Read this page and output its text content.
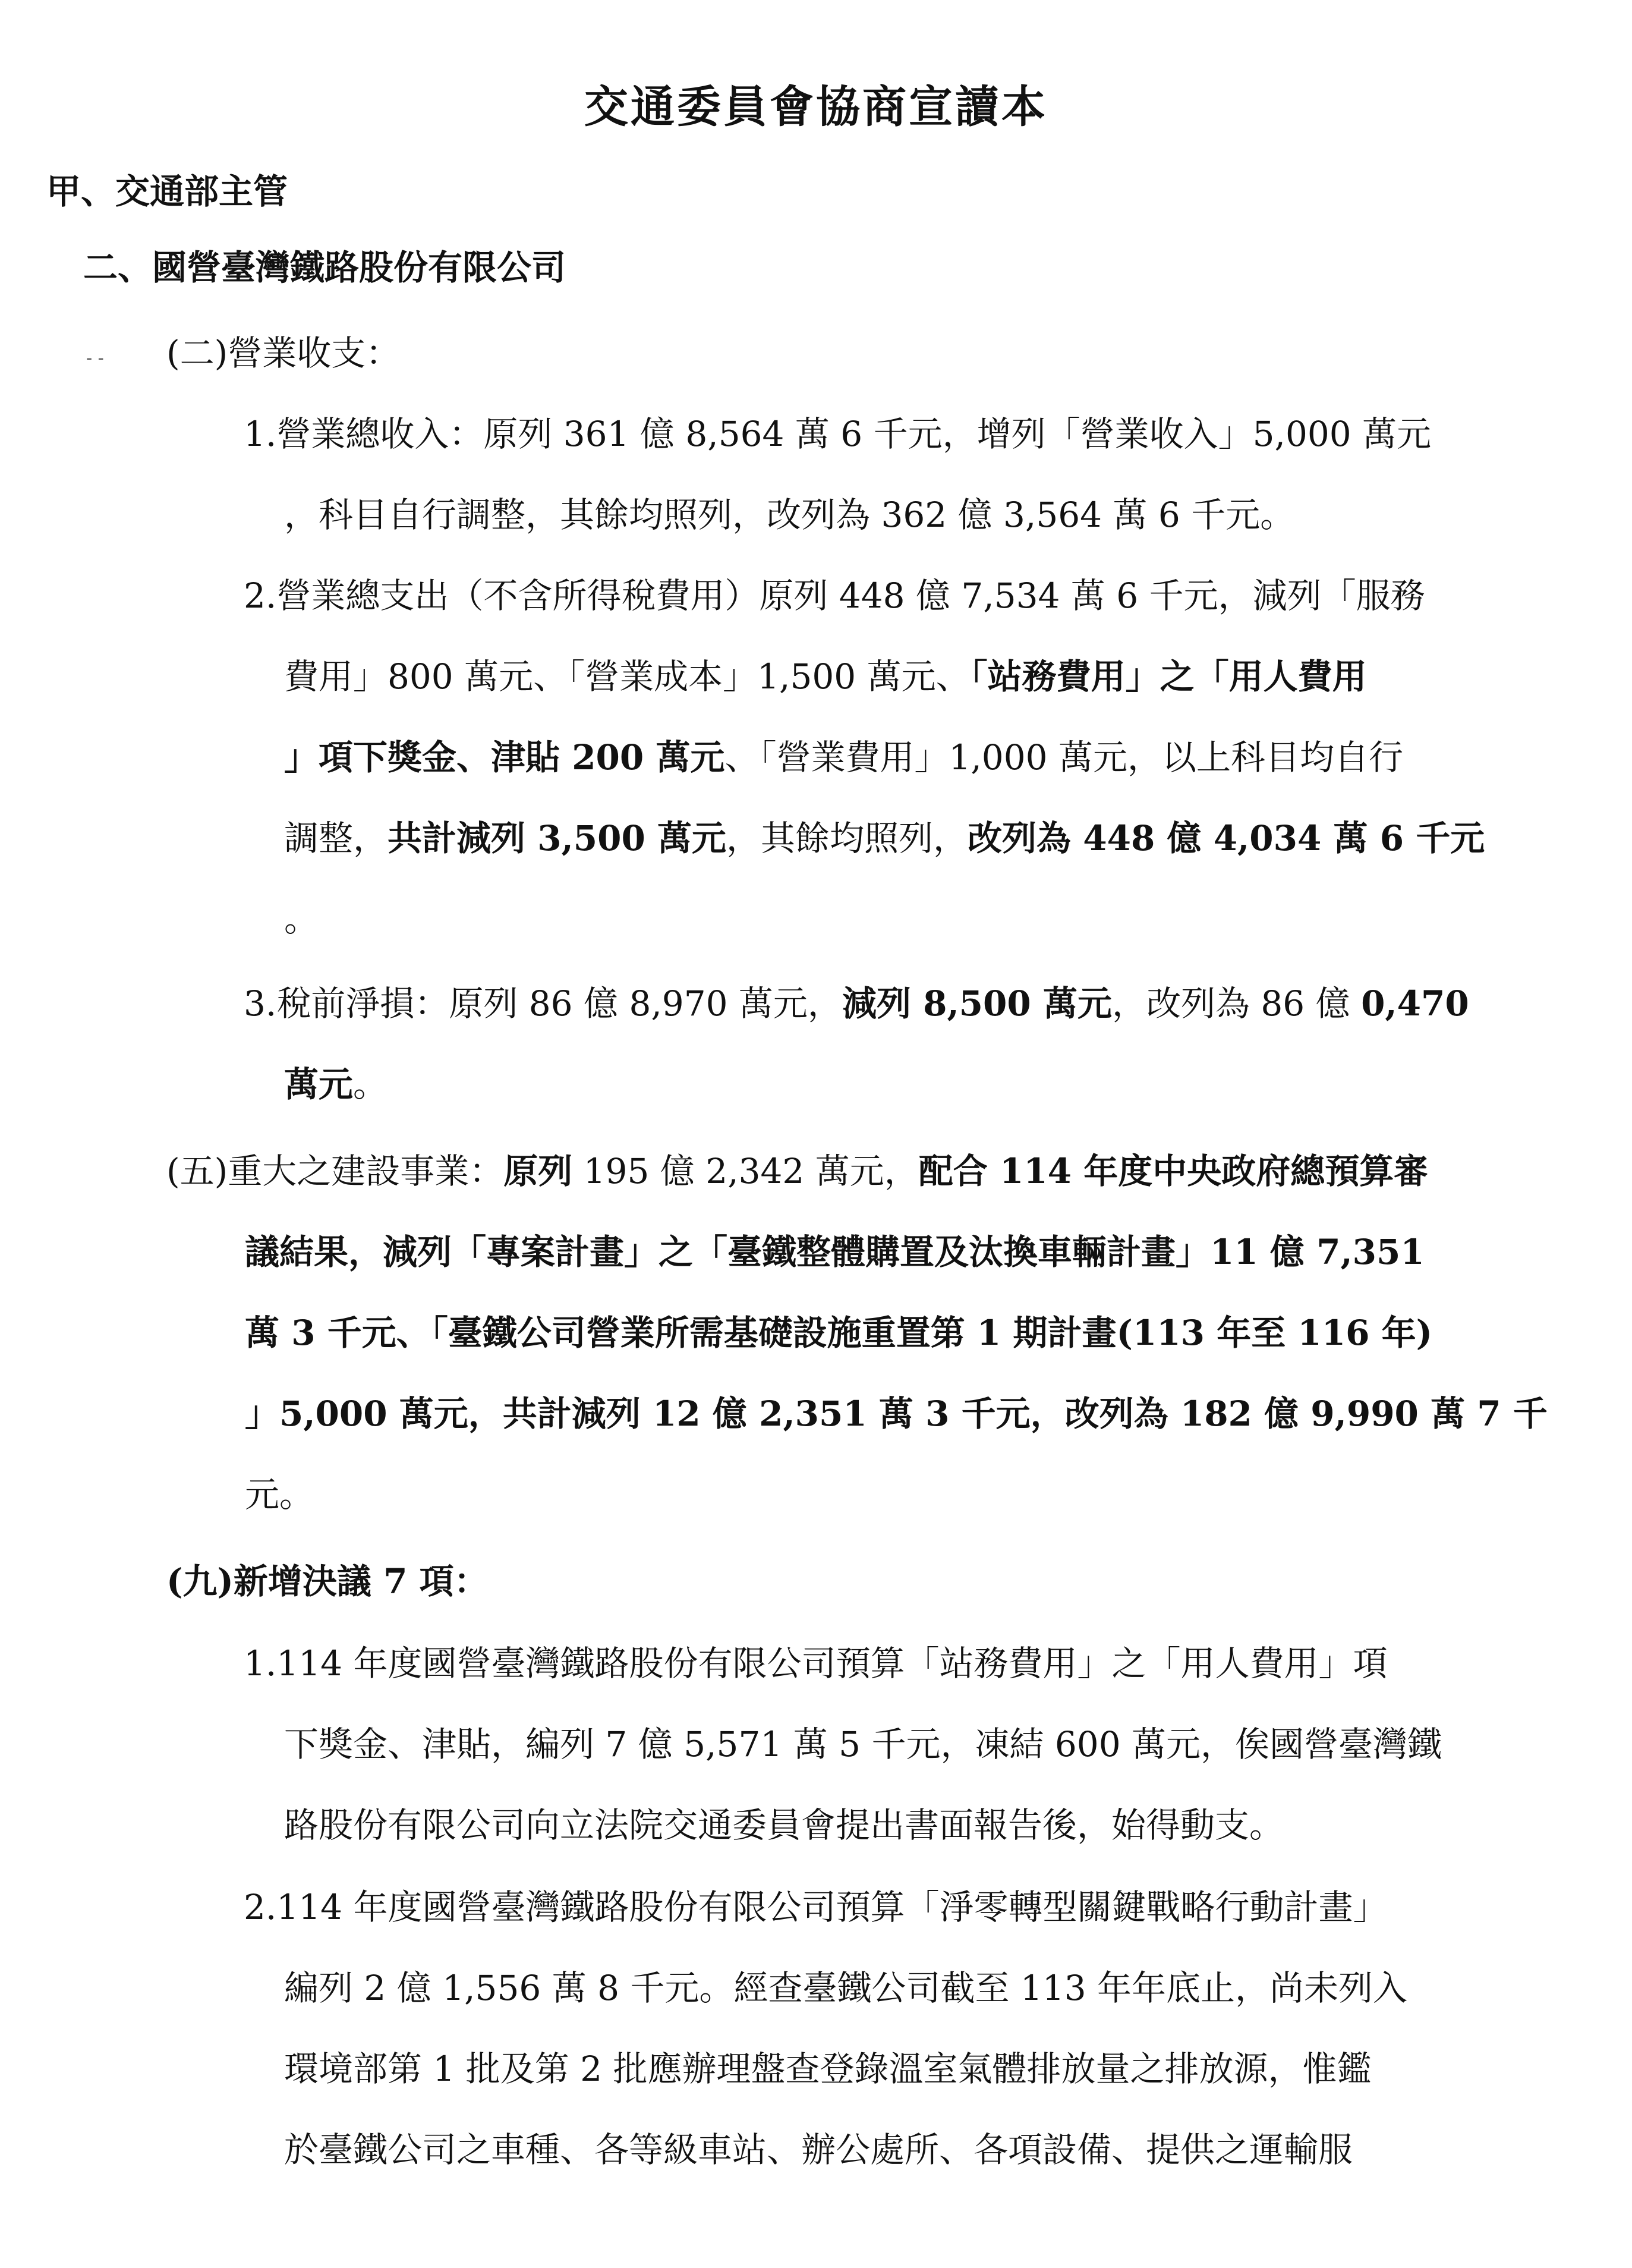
交通委員會協商宣讀本
甲、交通部主管
二、國營臺灣鐵路股份有限公司
- - (二)營業收支：
1.營業總收入：原列 361 億 8,564 萬 6 千元，增列「營業收入」5,000 萬元
，科目自行調整，其餘均照列，改列為 362 億 3,564 萬 6 千元。
2.營業總支出（不含所得稅費用）原列 448 億 7,534 萬 6 千元，減列「服務
費用」800 萬元、「營業成本」1,500 萬元、「站務費用」之「用人費用
」項下獎金、津貼 200 萬元、「營業費用」1,000 萬元，以上科目均自行
調整，共計減列 3,500 萬元，其餘均照列，改列為 448 億 4,034 萬 6 千元
。
3.稅前淨損：原列 86 億 8,970 萬元，減列 8,500 萬元，改列為 86 億 0,470
萬元。
(五)重大之建設事業：原列 195 億 2,342 萬元，配合 114 年度中央政府總預算審
議結果，減列「專案計畫」之「臺鐵整體購置及汰換車輛計畫」11 億 7,351
萬 3 千元、「臺鐵公司營業所需基礎設施重置第 1 期計畫(113 年至 116 年)
」5,000 萬元，共計減列 12 億 2,351 萬 3 千元，改列為 182 億 9,990 萬 7 千
元。
(九)新增決議 7 項：
1.114 年度國營臺灣鐵路股份有限公司預算「站務費用」之「用人費用」項
下獎金、津貼，編列 7 億 5,571 萬 5 千元，凍結 600 萬元，俟國營臺灣鐵
路股份有限公司向立法院交通委員會提出書面報告後，始得動支。
2.114 年度國營臺灣鐵路股份有限公司預算「淨零轉型關鍵戰略行動計畫」
編列 2 億 1,556 萬 8 千元。經查臺鐵公司截至 113 年年底止，尚未列入
環境部第 1 批及第 2 批應辦理盤查登錄溫室氣體排放量之排放源，惟鑑
於臺鐵公司之車種、各等級車站、辦公處所、各項設備、提供之運輸服
